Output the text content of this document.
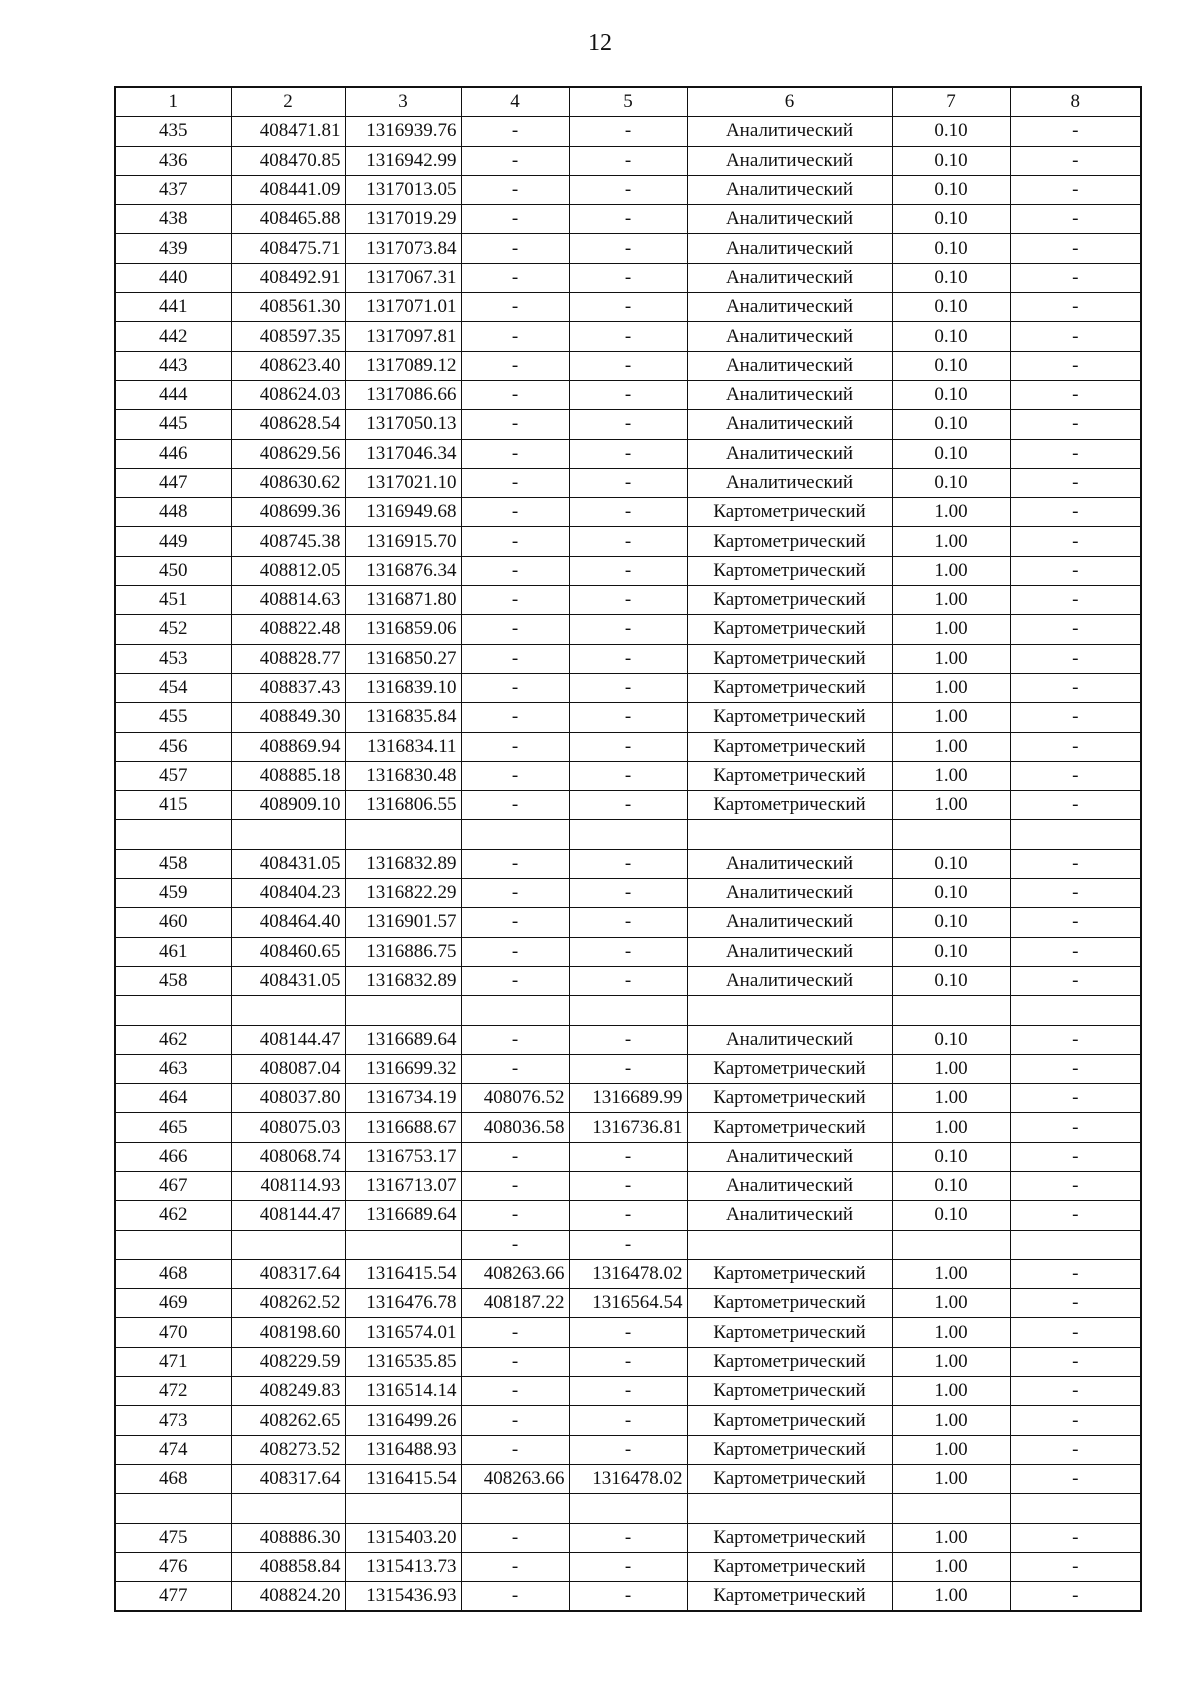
12
1	2	3	4	5	6	7	8
435	408471.81	1316939.76	-	-	Аналитический	0.10	-
436	408470.85	1316942.99	-	-	Аналитический	0.10	-
437	408441.09	1317013.05	-	-	Аналитический	0.10	-
438	408465.88	1317019.29	-	-	Аналитический	0.10	-
439	408475.71	1317073.84	-	-	Аналитический	0.10	-
440	408492.91	1317067.31	-	-	Аналитический	0.10	-
441	408561.30	1317071.01	-	-	Аналитический	0.10	-
442	408597.35	1317097.81	-	-	Аналитический	0.10	-
443	408623.40	1317089.12	-	-	Аналитический	0.10	-
444	408624.03	1317086.66	-	-	Аналитический	0.10	-
445	408628.54	1317050.13	-	-	Аналитический	0.10	-
446	408629.56	1317046.34	-	-	Аналитический	0.10	-
447	408630.62	1317021.10	-	-	Аналитический	0.10	-
448	408699.36	1316949.68	-	-	Картометрический	1.00	-
449	408745.38	1316915.70	-	-	Картометрический	1.00	-
450	408812.05	1316876.34	-	-	Картометрический	1.00	-
451	408814.63	1316871.80	-	-	Картометрический	1.00	-
452	408822.48	1316859.06	-	-	Картометрический	1.00	-
453	408828.77	1316850.27	-	-	Картометрический	1.00	-
454	408837.43	1316839.10	-	-	Картометрический	1.00	-
455	408849.30	1316835.84	-	-	Картометрический	1.00	-
456	408869.94	1316834.11	-	-	Картометрический	1.00	-
457	408885.18	1316830.48	-	-	Картометрический	1.00	-
415	408909.10	1316806.55	-	-	Картометрический	1.00	-

458	408431.05	1316832.89	-	-	Аналитический	0.10	-
459	408404.23	1316822.29	-	-	Аналитический	0.10	-
460	408464.40	1316901.57	-	-	Аналитический	0.10	-
461	408460.65	1316886.75	-	-	Аналитический	0.10	-
458	408431.05	1316832.89	-	-	Аналитический	0.10	-

462	408144.47	1316689.64	-	-	Аналитический	0.10	-
463	408087.04	1316699.32	-	-	Картометрический	1.00	-
464	408037.80	1316734.19	408076.52	1316689.99	Картометрический	1.00	-
465	408075.03	1316688.67	408036.58	1316736.81	Картометрический	1.00	-
466	408068.74	1316753.17	-	-	Аналитический	0.10	-
467	408114.93	1316713.07	-	-	Аналитический	0.10	-
462	408144.47	1316689.64	-	-	Аналитический	0.10	-
			-	-			
468	408317.64	1316415.54	408263.66	1316478.02	Картометрический	1.00	-
469	408262.52	1316476.78	408187.22	1316564.54	Картометрический	1.00	-
470	408198.60	1316574.01	-	-	Картометрический	1.00	-
471	408229.59	1316535.85	-	-	Картометрический	1.00	-
472	408249.83	1316514.14	-	-	Картометрический	1.00	-
473	408262.65	1316499.26	-	-	Картометрический	1.00	-
474	408273.52	1316488.93	-	-	Картометрический	1.00	-
468	408317.64	1316415.54	408263.66	1316478.02	Картометрический	1.00	-

475	408886.30	1315403.20	-	-	Картометрический	1.00	-
476	408858.84	1315413.73	-	-	Картометрический	1.00	-
477	408824.20	1315436.93	-	-	Картометрический	1.00	-
